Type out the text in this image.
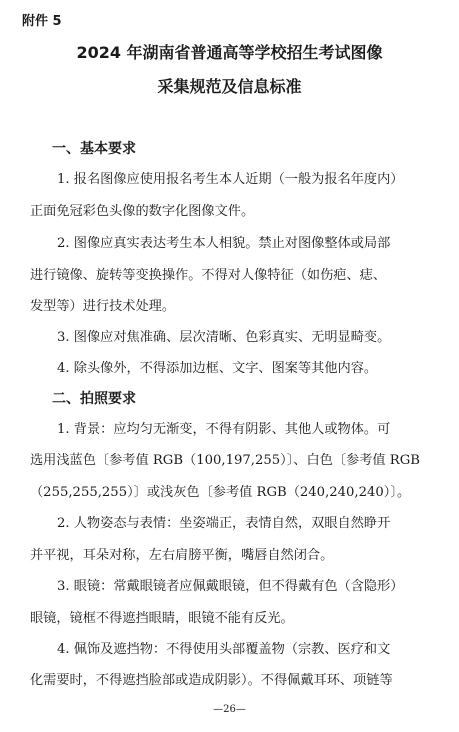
附件 5
2024 年湖南省普通高等学校招生考试图像
采集规范及信息标准
一、基本要求
1. 报名图像应使用报名考生本人近期（一般为报名年度内）
正面免冠彩色头像的数字化图像文件。
2. 图像应真实表达考生本人相貌。禁止对图像整体或局部
进行镜像、旋转等变换操作。不得对人像特征（如伤疤、痣、
发型等）进行技术处理。
3. 图像应对焦准确、层次清晰、色彩真实、无明显畸变。
4. 除头像外，不得添加边框、文字、图案等其他内容。
二、拍照要求
1. 背景：应均匀无渐变，不得有阴影、其他人或物体。可
选用浅蓝色〔参考值 RGB（100,197,255）〕、白色〔参考值 RGB
（255,255,255）〕或浅灰色〔参考值 RGB（240,240,240）〕。
2. 人物姿态与表情：坐姿端正，表情自然，双眼自然睁开
并平视，耳朵对称，左右肩膀平衡，嘴唇自然闭合。
3. 眼镜：常戴眼镜者应佩戴眼镜，但不得戴有色（含隐形）
眼镜，镜框不得遮挡眼睛，眼镜不能有反光。
4. 佩饰及遮挡物：不得使用头部覆盖物（宗教、医疗和文
化需要时，不得遮挡脸部或造成阴影）。不得佩戴耳环、项链等
—26—
